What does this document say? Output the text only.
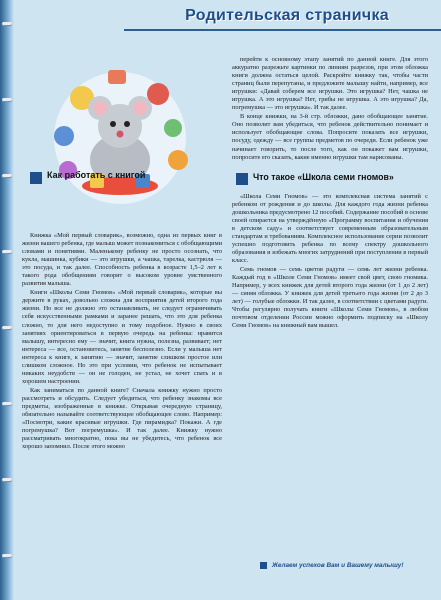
Родительская страничка
Как работать с книгой

Книжка «Мой первый словарик», возможно, одна из первых книг в жизни вашего ребенка, где малыш может познакомиться с обобщающими словами и понятиями. Маленькому ребенку не просто осознать, что кукла, машинка, кубики — это игрушки, а чашка, тарелка, кастрюля — это посуда, и так далее. Способность ребенка в возрасте 1,5–2 лет к такого рода обобщениям говорит о высоком уровне умственного развития малыша.

Книги «Школы Семи Гномов» «Мой первый словарик», которые вы держите в руках, довольно сложна для восприятия детей второго года жизни. Но все не должно это останавливать, не следует ограничивать себя искусственными рамками и заранее решать, что это для ребенка сложно, то для него недоступно и тому подобное. Нужно в своих занятиях ориентироваться в первую очередь на ребенка: нравится малышу, интересно ему — значит, книга нужна, полезна, развивает; нет интереса — все, остановитесь, занятие бесполезно. Если у малыша нет интереса к книге, к занятию — значит, занятие слишком простое или слишком сложное. Но это при условии, что ребенок не испытывает никаких неудобств — он не голоден, не устал, не хочет спать и в хорошем настроении.

Как заниматься по данной книге? Сначала книжку нужно просто рассмотреть и обсудить. Следует убедиться, что ребенку знакомы все предметы, изображенные в книжке. Открывая очередную страницу, обязательно называйте соответствующее обобщающее слово. Например: «Посмотри, какие красивые игрушки. Где пирамидка? Покажи. А где погремушка? Вот погремушка». И так далее. Книжку нужно рассматривать многократно, пока вы не убедитесь, что ребенок все хорошо запомнил. После этого можно

перейти к основному этапу занятий по данной книге. Для этого аккуратно разрежьте картинки по линиям разрезов, при этом обложка книги должна остаться целой. Раскройте книжку так, чтобы части страниц были перепутаны, и предложите малышу найти, например, все игрушки: «Давай соберем все игрушки. Это игрушка? Нет, чашка не игрушка. А это игрушка? Нет, грибы не игрушка. А это игрушка? Да, погремушка — это игрушка». И так далее.

В конце книжки, на 3-й стр. обложки, дано обобщающее занятие. Оно позволит вам убедиться, что ребенок действительно понимает и использует обобщающие слова. Попросите показать все игрушки, посуду, одежду — все группы предметов по очереди. Если ребенок уже начинает говорить, то после того, как он покажет вам игрушки, попросите его сказать, какие именно игрушки там нарисованы.

Что такое «Школа семи гномов»

«Школа Семи Гномов» — это комплексная система занятий с ребенком от рождения и до школы. Для каждого года жизни ребенка дошкольника предусмотрено 12 пособий. Содержание пособий в основе своей опирается на утверждённую «Программу воспитания и обучения в детском саду» и соответствует современным образовательным стандартам и требованиям. Комплексное использование серии позволит успешно подготовить ребенка по всему спектру дошкольного образования и избежать многих затруднений при поступлении в первый класс.

Семь гномов — семь цветов радуги — семь лет жизни ребенка. Каждый год в «Школе Семи Гномов» имеет свой цвет, свою гномика. Например, у всех книжек для детей второго года жизни (от 1 до 2 лет) — синяя обложка. У книжек для детей третьего года жизни (от 2 до 3 лет) — голубые обложки. И так далее, в соответствии с цветами радуги. Чтобы регулярно получать книги «Школы Семи Гномов», в любом почтовом отделении России можно оформить подписку на «Школу Семи Гномов» на книжный вам вышел.

Желаем успехов Вам и Вашему малышу!
